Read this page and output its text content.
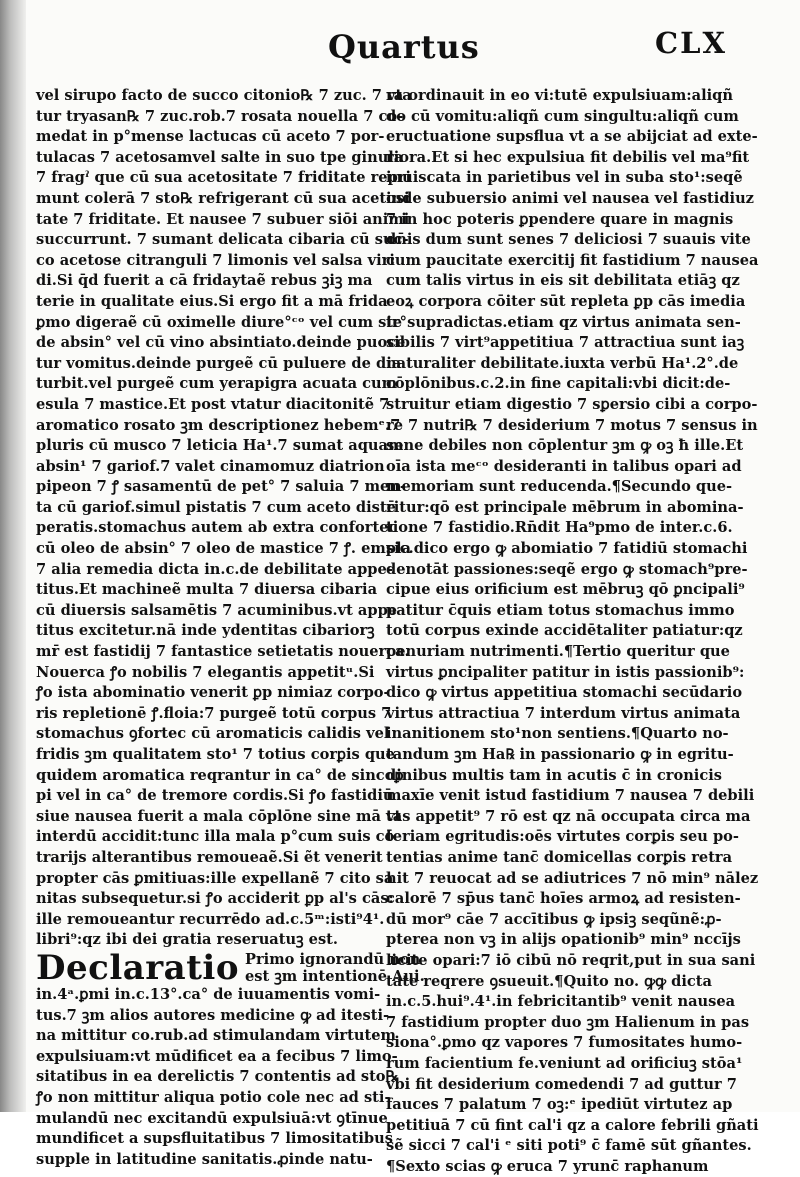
Quartus	CLX
vel sirupo facto de succo citonio℞ 7 zuc. 7 vta
tur tryasan℞ 7 zuc.rob.7 rosata nouella 7 co‑
medat in p°mense lactucas cū aceto 7 por‑
tulacas 7 acetosamvel salte in suo tpe ginula
7 fragˀ que cū sua acetositate 7 friditate repri
munt colerā 7 sto℞ refrigerant cū sua acetosi
tate 7 friditate. Et nausee 7 subuer siōi animi
succurrunt. 7 sumant delicata cibaria cū suc‑
co acetose citranguli 7 limonis vel salsa viri
di.Si q̄d fuerit a cā fridaytaẽ rebus ꝫiꝫ ma
terie in qualitate eius.Si ergo fit a mā frida
ꝑmo digeraẽ cū oximelle diure°ᶜᵒ vel cum sir°
de absin° vel cū vino absintiato.deinde puoce
tur vomitus.deinde purgeẽ cū puluere de dia
turbit.vel purgeẽ cum yerapigra acuata cum
esula 7 mastice.Et post vtatur diacitonitẽ 7
aromatico rosato ꝫm descriptionez hebemᵉ.7
pluris cū musco 7 leticia Ha¹.7 sumat aquam
absin¹ 7 gariof.7 valet cinamomuz diatrion
pipeon 7 ꝭ sasamentū de pet° 7 saluia 7 men‑
ta cū gariof.simul pistatis 7 cum aceto distē
peratis.stomachus autem ab extra confortec
cū oleo de absin° 7 oleo de mastice 7 ꝭ. empla
7 alia remedia dicta in.c.de debilitate appe‑
titus.Et machineẽ multa 7 diuersa cibaria
cū diuersis salsamētis 7 acuminibus.vt appe
titus excitetur.nā inde ydentitas cibariorꝫ
mr̄ est fastidij 7 fantastice setietatis nouerca.
Nouerca ꝭo nobilis 7 elegantis appetitᵘ.Si
ꝭo ista abominatio venerit ꝑp nimiaz corpo‑
ris repletionē ꝭ.floia:7 purgeẽ totū corpus 7
stomachus ꝯfortec cū aromaticis calidis vel
fridis ꝫm qualitatem sto¹ 7 totius corꝑis que
quidem aromatica reqrantur in ca° de sincoꝑ
pi vel in ca° de tremore cordis.Si ꝭo fastidiū
siue nausea fuerit a mala cōplōne sine mā vt
interdū accidit:tunc illa mala p°cum suis cō
trarijs alterantibus remoueaẽ.Si ẽt venerit
propter cās ꝑmitiuas:ille expellanẽ 7 cito sa
nitas subsequetur.si ꝭo acciderit ꝑp al's cās:
ille remoueantur recurrēdo ad.c.5ᵐ:isti⁹4¹.
libri⁹:qz ibi dei gratia reseruatuꝫ est.
Declaratio Primo ignorandū non
est ꝫm intentionē Aui.
in.4ᵃ.ꝑmi in.c.13°.ca° de iuuamentis vomi‑
tus.7 ꝫm alios autores medicine ꝙ ad itesti‑
na mittitur co.rub.ad stimulandam virtutem
expulsiuam:vt mūdificet ea a fecibus 7 limo‑
sitatibus in ea derelictis 7 contentis ad sto℞
ꝭo non mittitur aliqua potio cole nec ad sti‑
mulandū nec excitandū expulsiuā:vt ꝯtīnue
mundificet a supsfluitatibus 7 limositatibus
supple in latitudine sanitatis.ꝓinde natu‑
ra ordinauit in eo vi:tutē expulsiuam:aliqñ
do cū vomitu:aliqñ cum singultu:aliqñ cum
eructuatione supsflua vt a se abijciat ad exte‑
riora.Et si hec expulsiua fit debilis vel ma⁹fit
inuiscata in parietibus vel in suba sto¹:seqẽ
inde subuersio animi vel nausea vel fastidiuz
7 in hoc poteris ꝑpendere quare in magnis
dn̄is dum sunt senes 7 deliciosi 7 suauis vite
cum paucitate exercitij fit fastidium 7 nausea
cum talis virtus in eis sit debilitata etiāꝫ qz
eoꝝ corpora cōiter sūt repleta ꝑp cās imedia
te supradictas.etiam qz virtus animata sen‑
sibilis 7 virt⁹appetitiua 7 attractiua sunt iaꝫ
naturaliter debilitate.iuxta verbū Ha¹.2°.de
cōplōnibus.c.2.in fine capitali:vbi dicit:de‑
struitur etiam digestio 7 sꝑersio cibi a corpo‑
re 7 nutri℞ 7 desiderium 7 motus 7 sensus in
sene debiles non cōplentur ꝫm ꝙ oꝫ ħ ille.Et
oīa ista meᶜᵒ desideranti in talibus opari ad
memoriam sunt reducenda.¶Secundo que‑
ritur:qō est principale mēbrum in abomina‑
tione 7 fastidio.Rn̄dit Ha⁹pmo de inter.c.6.
sic.dico ergo ꝙ abomiatio 7 fatidiū stomachi
denotāt passiones:seqẽ ergo ꝙ stomach⁹pre‑
cipue eius orificium est mēbruꝫ qō ꝑncipali⁹
patitur c̄quis etiam totus stomachus immo
totū corpus exinde accidētaliter patiatur:qz
penuriam nutrimenti.¶Tertio queritur que
virtus ꝑncipaliter patitur in istis passionib⁹:
dico ꝙ virtus appetitiua stomachi secūdario
virtus attractiua 7 interdum virtus animata
inanitionem sto¹non sentiens.¶Quarto no‑
tandum ꝫm Ha℞ in passionario ꝙ in egritu‑
dinibus multis tam in acutis c̄ in cronicis
maxīe venit istud fastidium 7 nausea 7 debili
tas appetit⁹ 7 rō est qz nā occupata circa ma
teriam egritudis:oēs virtutes corꝑis seu po‑
tentias anime tanc̄ domicellas corꝑis retra
hit 7 reuocat ad se adiutrices 7 nō min⁹ nālez
calorē 7 sp̄us tanc̄ hoīes armoꝝ ad resisten‑
dū mor⁹ cāe 7 accītibus ꝙ ipsiꝫ seqũnẽ:ꝓ‑
pterea non vꝫ in alijs opationib⁹ min⁹ nccījs
licite opari:7 iō cibū nō reqrit,put in sua sani
tate reqrere ꝯsueuit.¶Quito no. ꝙꝙ dicta
in.c.5.hui⁹.4¹.in febricitantib⁹ venit nausea
7 fastidium propter duo ꝫm Halienum in pas
siona°.ꝑmo qz vapores 7 fumositates humo‑
rum facientium fe.veniunt ad orificiuꝫ stōa¹
vbi fit desiderium comedendi 7 ad guttur 7
fauces 7 palatum 7 oꝫ:ᵉ ipediūt virtutez ap
petitiuā 7 cū fint cal'i qz a calore febrili gñati
sẽ sicci 7 cal'i ᵉ siti poti⁹ c̄ famē sūt gñantes.
¶Sexto scias ꝙ eruca 7 yrunc̄ raphanum
